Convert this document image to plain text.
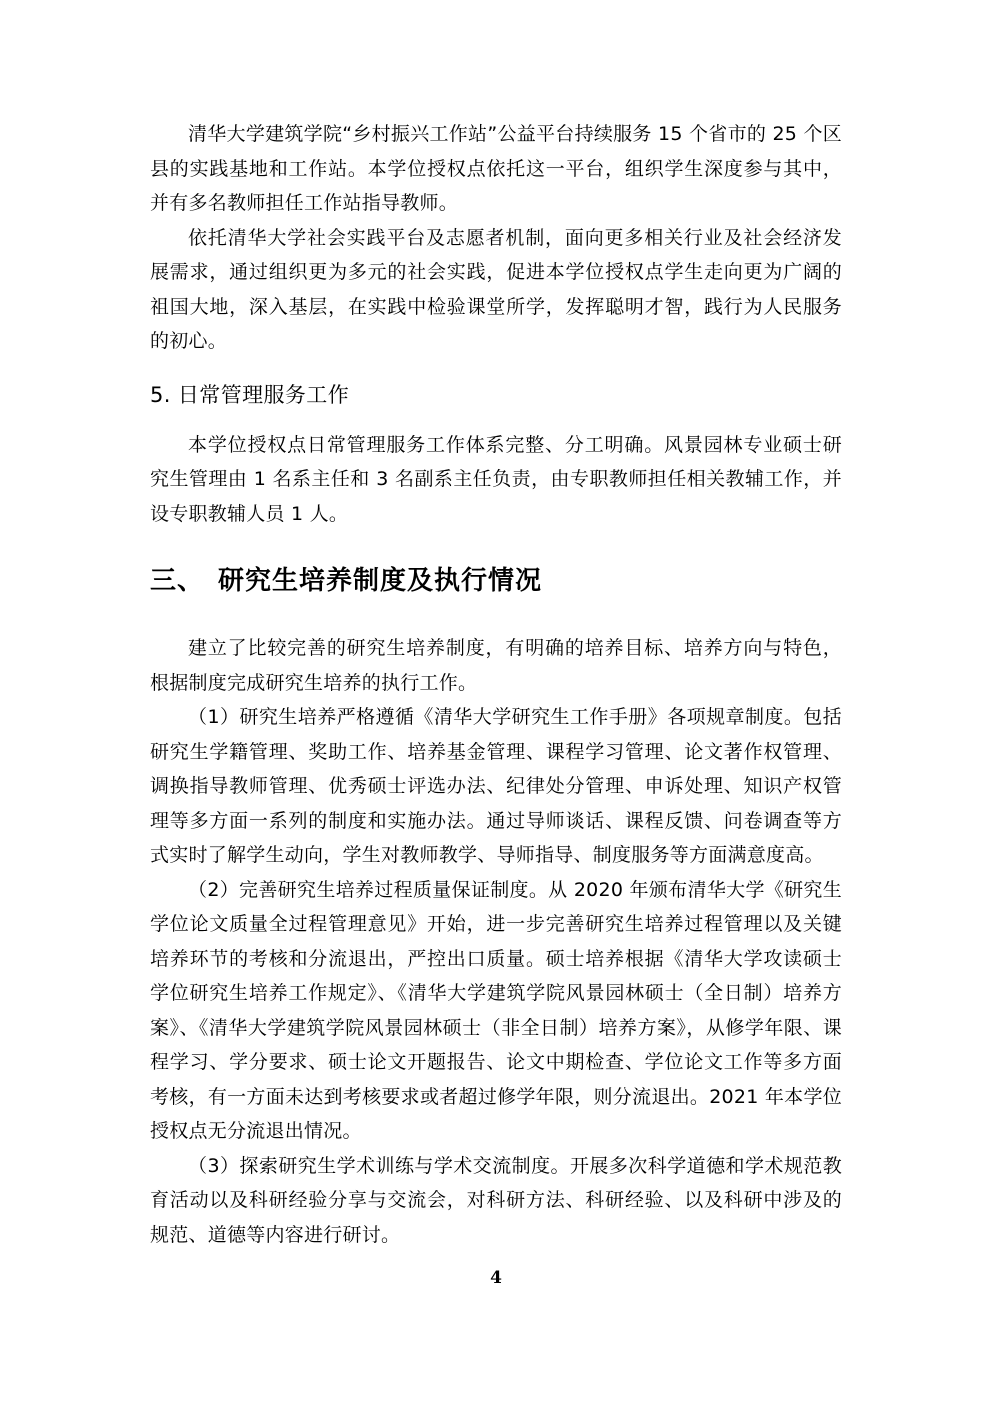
清华大学建筑学院“乡村振兴工作站”公益平台持续服务 15 个省市的 25 个区县的实践基地和工作站。本学位授权点依托这一平台，组织学生深度参与其中，并有多名教师担任工作站指导教师。

依托清华大学社会实践平台及志愿者机制，面向更多相关行业及社会经济发展需求，通过组织更为多元的社会实践，促进本学位授权点学生走向更为广阔的祖国大地，深入基层，在实践中检验课堂所学，发挥聪明才智，践行为人民服务的初心。

5. 日常管理服务工作

本学位授权点日常管理服务工作体系完整、分工明确。风景园林专业硕士研究生管理由 1 名系主任和 3 名副系主任负责，由专职教师担任相关教辅工作，并设专职教辅人员 1 人。

三、 研究生培养制度及执行情况

建立了比较完善的研究生培养制度，有明确的培养目标、培养方向与特色，根据制度完成研究生培养的执行工作。

（1）研究生培养严格遵循《清华大学研究生工作手册》各项规章制度。包括研究生学籍管理、奖助工作、培养基金管理、课程学习管理、论文著作权管理、调换指导教师管理、优秀硕士评选办法、纪律处分管理、申诉处理、知识产权管理等多方面一系列的制度和实施办法。通过导师谈话、课程反馈、问卷调查等方式实时了解学生动向，学生对教师教学、导师指导、制度服务等方面满意度高。

（2）完善研究生培养过程质量保证制度。从 2020 年颁布清华大学《研究生学位论文质量全过程管理意见》开始，进一步完善研究生培养过程管理以及关键培养环节的考核和分流退出，严控出口质量。硕士培养根据《清华大学攻读硕士学位研究生培养工作规定》、《清华大学建筑学院风景园林硕士（全日制）培养方案》、《清华大学建筑学院风景园林硕士（非全日制）培养方案》，从修学年限、课程学习、学分要求、硕士论文开题报告、论文中期检查、学位论文工作等多方面考核，有一方面未达到考核要求或者超过修学年限，则分流退出。2021 年本学位授权点无分流退出情况。

（3）探索研究生学术训练与学术交流制度。开展多次科学道德和学术规范教育活动以及科研经验分享与交流会，对科研方法、科研经验、以及科研中涉及的规范、道德等内容进行研讨。

4
